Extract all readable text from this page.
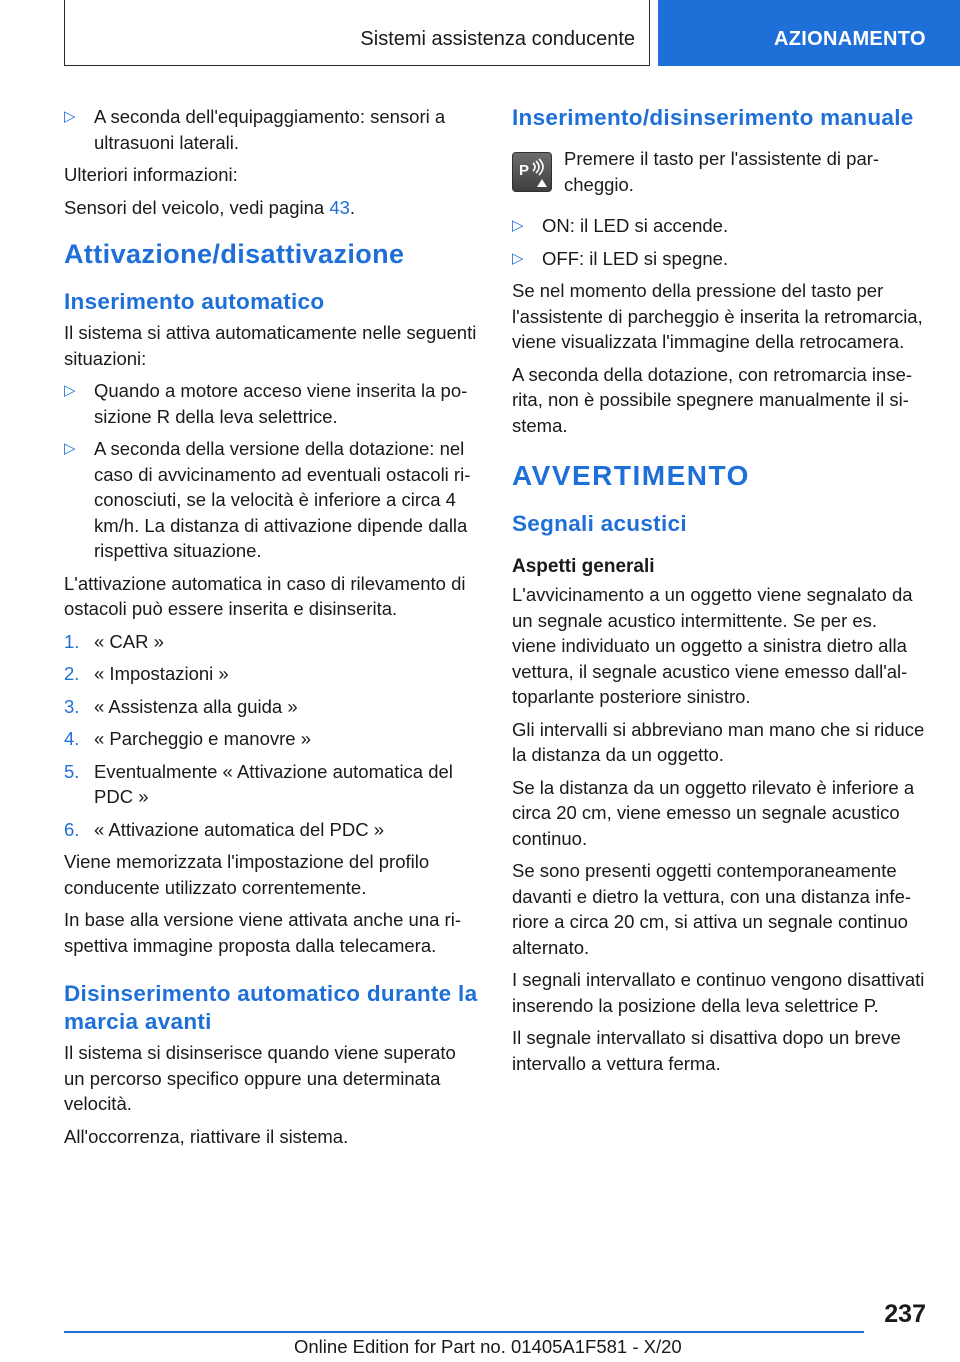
Sistemi assistenza conducente	AZIONAMENTO
▷ A seconda dell'equipaggiamento: sensori a ultrasuoni laterali.

Ulteriori informazioni:

Sensori del veicolo, vedi pagina 43.

Attivazione/disattivazione
Inserimento automatico

Il sistema si attiva automaticamente nelle seguenti situazioni:

▷ Quando a motore acceso viene inserita la posizione R della leva selettrice.
▷ A seconda della versione della dotazione: nel caso di avvicinamento ad eventuali ostacoli riconosciuti, se la velocità è inferiore a circa 4 km/h. La distanza di attivazione dipende dalla rispettiva situazione.

L'attivazione automatica in caso di rilevamento di ostacoli può essere inserita e disinserita.

1. « CAR »
2. « Impostazioni »
3. « Assistenza alla guida »
4. « Parcheggio e manovre »
5. Eventualmente « Attivazione automatica del PDC »
6. « Attivazione automatica del PDC »

Viene memorizzata l'impostazione del profilo conducente utilizzato correntemente.

In base alla versione viene attivata anche una rispettiva immagine proposta dalla telecamera.

Disinserimento automatico durante la marcia avanti

Il sistema si disinserisce quando viene superato un percorso specifico oppure una determinata velocità.

All'occorrenza, riattivare il sistema.

Inserimento/disinserimento manuale
P
Premere il tasto per l'assistente di parcheggio.
▷ ON: il LED si accende.
▷ OFF: il LED si spegne.

Se nel momento della pressione del tasto per l'assistente di parcheggio è inserita la retromarcia, viene visualizzata l'immagine della retrocamera.

A seconda della dotazione, con retromarcia inserita, non è possibile spegnere manualmente il sistema.

AVVERTIMENTO
Segnali acustici
Aspetti generali

L'avvicinamento a un oggetto viene segnalato da un segnale acustico intermittente. Se per es. viene individuato un oggetto a sinistra dietro alla vettura, il segnale acustico viene emesso dall'altoparlante posteriore sinistro.

Gli intervalli si abbreviano man mano che si riduce la distanza da un oggetto.

Se la distanza da un oggetto rilevato è inferiore a circa 20 cm, viene emesso un segnale acustico continuo.

Se sono presenti oggetti contemporaneamente davanti e dietro la vettura, con una distanza inferiore a circa 20 cm, si attiva un segnale continuo alternato.

I segnali intervallato e continuo vengono disattivati inserendo la posizione della leva selettrice P.

Il segnale intervallato si disattiva dopo un breve intervallo a vettura ferma.

237
Online Edition for Part no. 01405A1F581 - X/20
